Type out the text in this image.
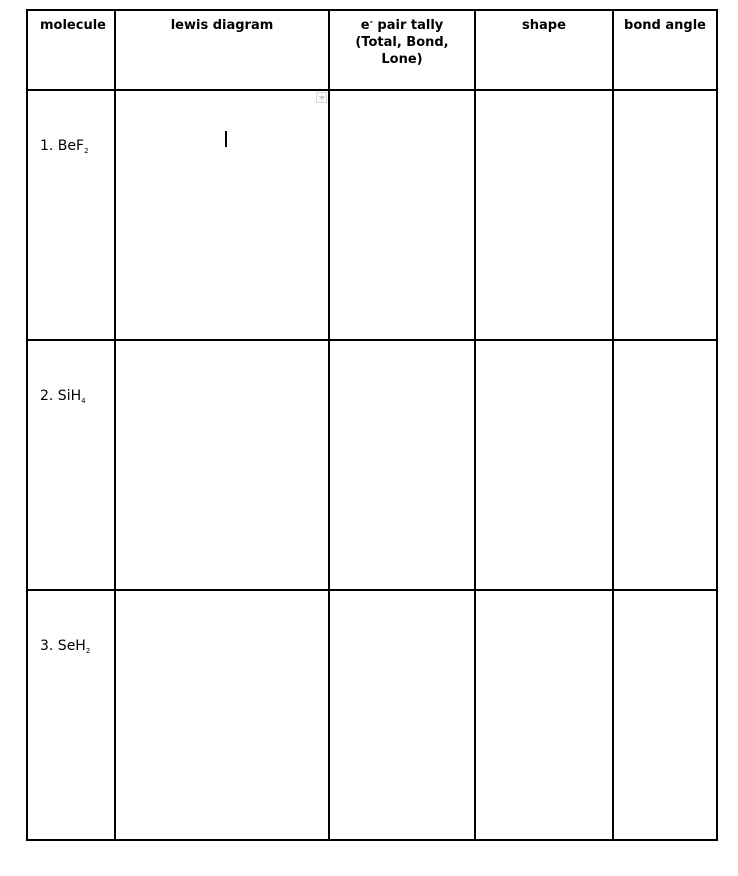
molecule	lewis diagram	e- pair tally
(Total, Bond,
Lone)	shape	bond angle

1. BeF$_2$

2. SiH$_4$

3. SeH$_2$
